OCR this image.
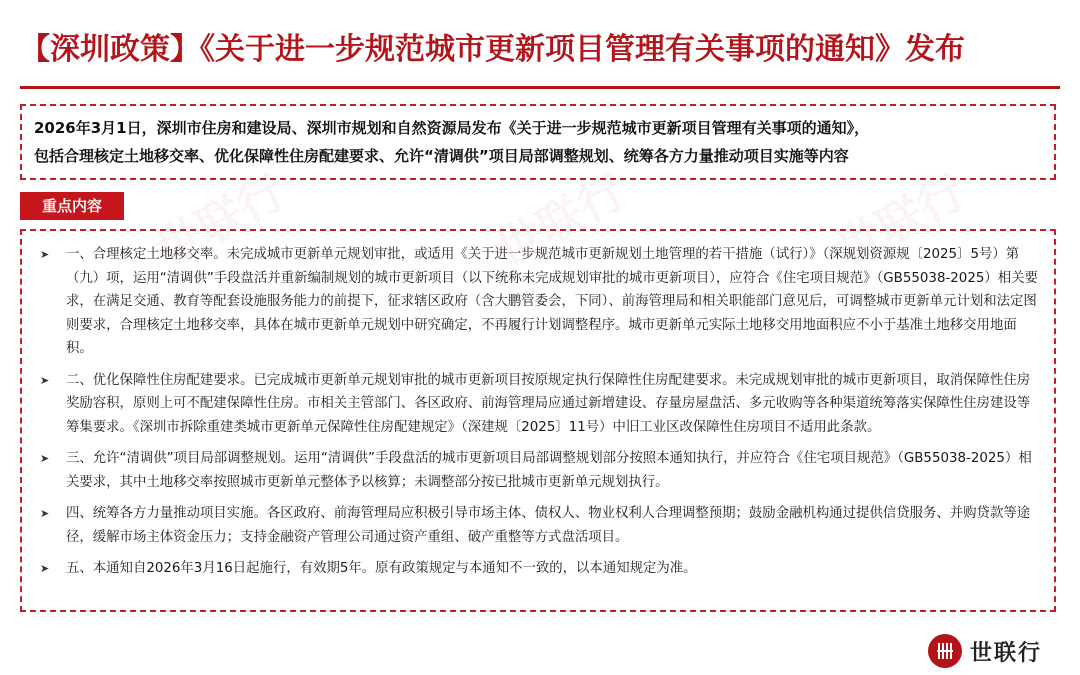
世联行	世联行	世联行
【深圳政策】《关于进一步规范城市更新项目管理有关事项的通知》发布

2026年3月1日，深圳市住房和建设局、深圳市规划和自然资源局发布《关于进一步规范城市更新项目管理有关事项的通知》，

包括合理核定土地移交率、优化保障性住房配建要求、允许“清调供”项目局部调整规划、统筹各方力量推动项目实施等内容

重点内容
➤ 一、合理核定土地移交率。未完成城市更新单元规划审批，或适用《关于进一步规范城市更新规划土地管理的若干措施（试行）》（深规划资源规〔2025〕5号）第（九）项，运用“清调供”手段盘活并重新编制规划的城市更新项目（以下统称未完成规划审批的城市更新项目），应符合《住宅项目规范》（GB55038-2025）相关要求，在满足交通、教育等配套设施服务能力的前提下，征求辖区政府（含大鹏管委会，下同）、前海管理局和相关职能部门意见后，可调整城市更新单元计划和法定图则要求，合理核定土地移交率，具体在城市更新单元规划中研究确定，不再履行计划调整程序。城市更新单元实际土地移交用地面积应不小于基准土地移交用地面积。
➤ 二、优化保障性住房配建要求。已完成城市更新单元规划审批的城市更新项目按原规定执行保障性住房配建要求。未完成规划审批的城市更新项目，取消保障性住房奖励容积，原则上可不配建保障性住房。市相关主管部门、各区政府、前海管理局应通过新增建设、存量房屋盘活、多元收购等各种渠道统筹落实保障性住房建设等筹集要求。《深圳市拆除重建类城市更新单元保障性住房配建规定》（深建规〔2025〕11号）中旧工业区改保障性住房项目不适用此条款。
➤ 三、允许“清调供”项目局部调整规划。运用“清调供”手段盘活的城市更新项目局部调整规划部分按照本通知执行，并应符合《住宅项目规范》（GB55038-2025）相关要求，其中土地移交率按照城市更新单元整体予以核算；未调整部分按已批城市更新单元规划执行。
➤ 四、统筹各方力量推动项目实施。各区政府、前海管理局应积极引导市场主体、债权人、物业权利人合理调整预期；鼓励金融机构通过提供信贷服务、并购贷款等途径，缓解市场主体资金压力；支持金融资产管理公司通过资产重组、破产重整等方式盘活项目。
➤ 五、本通知自2026年3月16日起施行，有效期5年。原有政策规定与本通知不一致的，以本通知规定为准。
世联行
